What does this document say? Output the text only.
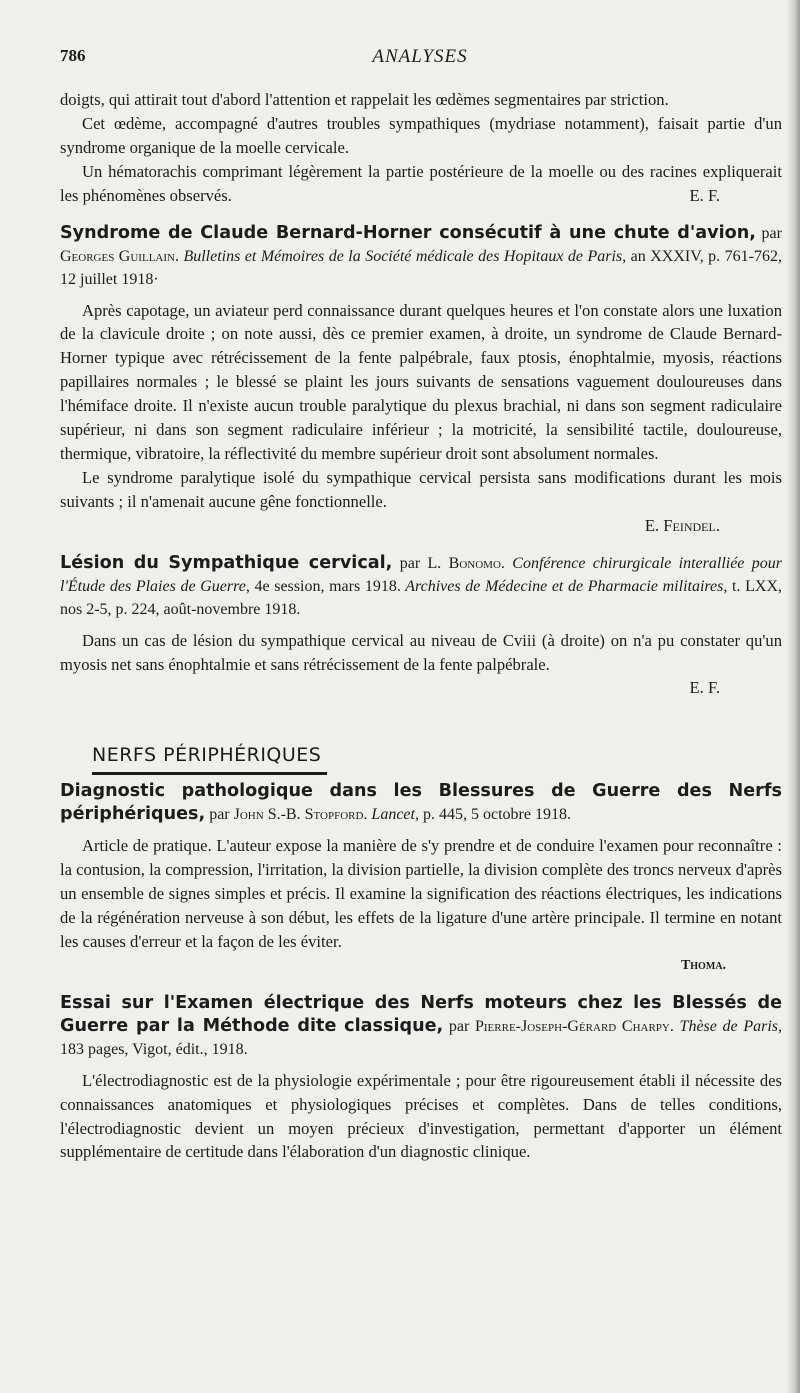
786	ANALYSES

doigts, qui attirait tout d'abord l'attention et rappelait les œdèmes segmentaires par striction.

Cet œdème, accompagné d'autres troubles sympathiques (mydriase notamment), faisait partie d'un syndrome organique de la moelle cervicale.

Un hématorachis comprimant légèrement la partie postérieure de la moelle ou des racines expliquerait les phénomènes observés.	E. F.

Syndrome de Claude Bernard-Horner consécutif à une chute d'avion, par Georges Guillain. Bulletins et Mémoires de la Société médicale des Hopitaux de Paris, an XXXIV, p. 761-762, 12 juillet 1918·

Après capotage, un aviateur perd connaissance durant quelques heures et l'on constate alors une luxation de la clavicule droite ; on note aussi, dès ce premier examen, à droite, un syndrome de Claude Bernard-Horner typique avec rétrécissement de la fente palpébrale, faux ptosis, énophtalmie, myosis, réactions papillaires normales ; le blessé se plaint les jours suivants de sensations vaguement douloureuses dans l'hémiface droite. Il n'existe aucun trouble paralytique du plexus brachial, ni dans son segment radiculaire supérieur, ni dans son segment radiculaire inférieur ; la motricité, la sensibilité tactile, douloureuse, thermique, vibratoire, la réflectivité du membre supérieur droit sont absolument normales.

Le syndrome paralytique isolé du sympathique cervical persista sans modifications durant les mois suivants ; il n'amenait aucune gêne fonctionnelle.

E. Feindel.
Lésion du Sympathique cervical, par L. Bonomo. Conférence chirurgicale interalliée pour l'Étude des Plaies de Guerre, 4e session, mars 1918. Archives de Médecine et de Pharmacie militaires, t. LXX, nos 2-5, p. 224, août-novembre 1918.

Dans un cas de lésion du sympathique cervical au niveau de Cviii (à droite) on n'a pu constater qu'un myosis net sans énophtalmie et sans rétrécissement de la fente palpébrale.

E. F.
NERFS PÉRIPHÉRIQUES
Diagnostic pathologique dans les Blessures de Guerre des Nerfs périphériques, par John S.-B. Stopford. Lancet, p. 445, 5 octobre 1918.

Article de pratique. L'auteur expose la manière de s'y prendre et de conduire l'examen pour reconnaître : la contusion, la compression, l'irritation, la division partielle, la division complète des troncs nerveux d'après un ensemble de signes simples et précis. Il examine la signification des réactions électriques, les indications de la régénération nerveuse à son début, les effets de la ligature d'une artère principale. Il termine en notant les causes d'erreur et la façon de les éviter.

Thoma.
Essai sur l'Examen électrique des Nerfs moteurs chez les Blessés de Guerre par la Méthode dite classique, par Pierre-Joseph-Gérard Charpy. Thèse de Paris, 183 pages, Vigot, édit., 1918.

L'électrodiagnostic est de la physiologie expérimentale ; pour être rigoureusement établi il nécessite des connaissances anatomiques et physiologiques précises et complètes. Dans de telles conditions, l'électrodiagnostic devient un moyen précieux d'investigation, permettant d'apporter un élément supplémentaire de certitude dans l'élaboration d'un diagnostic clinique.
